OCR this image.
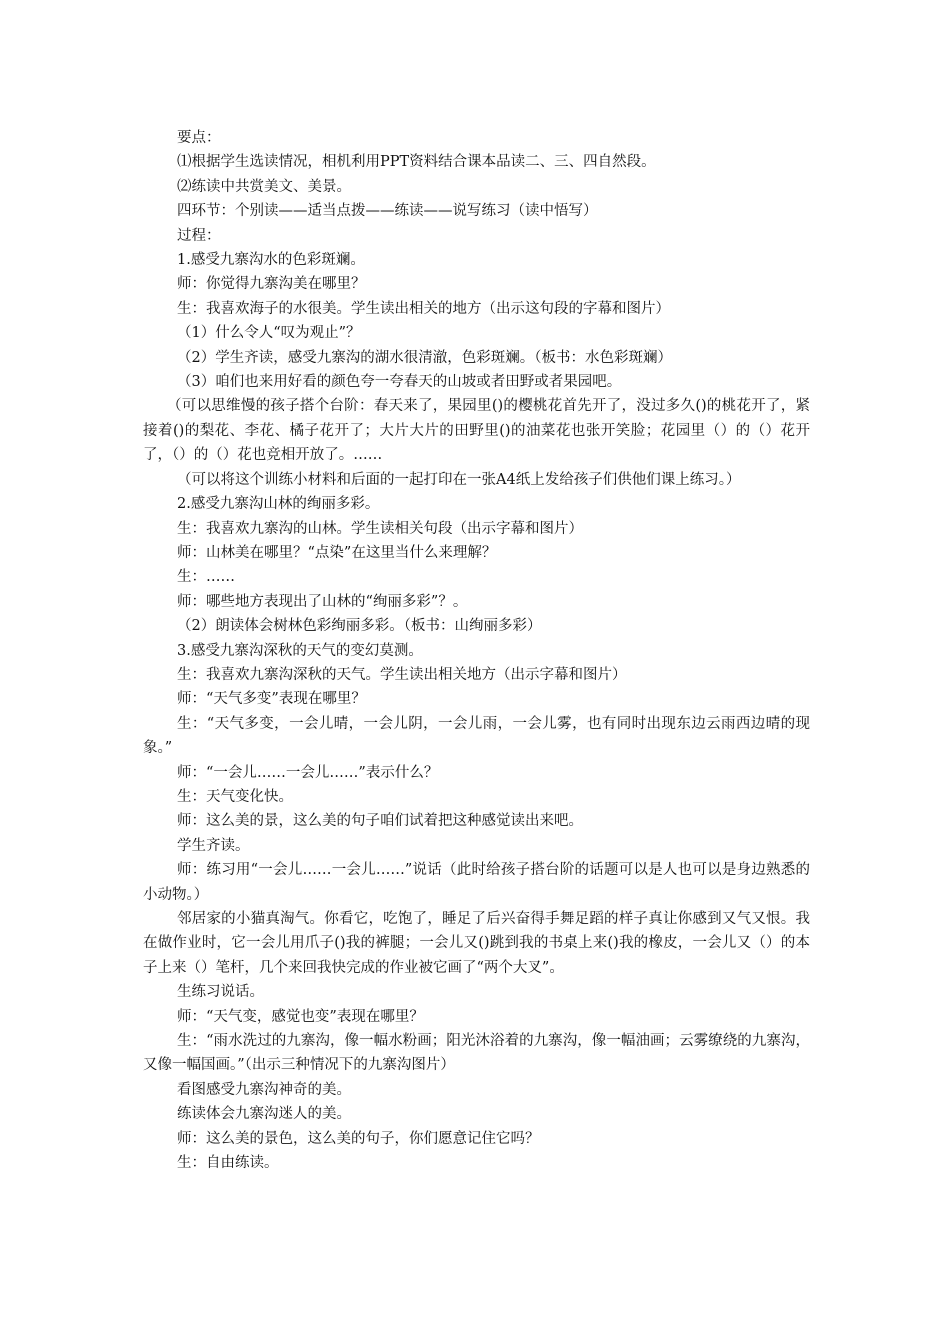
要点：

⑴根据学生选读情况，相机利用PPT资料结合课本品读二、三、四自然段。

⑵练读中共赏美文、美景。

四环节：个别读——适当点拨——练读——说写练习（读中悟写）

过程：

1.感受九寨沟水的色彩斑斓。

师：你觉得九寨沟美在哪里？

生：我喜欢海子的水很美。学生读出相关的地方（出示这句段的字幕和图片）

（1）什么令人“叹为观止”？

（2）学生齐读，感受九寨沟的湖水很清澈，色彩斑斓。（板书：水色彩斑斓）

（3）咱们也来用好看的颜色夸一夸春天的山坡或者田野或者果园吧。

（可以思维慢的孩子搭个台阶：春天来了，果园里()的樱桃花首先开了，没过多久()的桃花开了，紧接着()的梨花、李花、橘子花开了；大片大片的田野里()的油菜花也张开笑脸；花园里（）的（）花开了，（）的（）花也竞相开放了。……

（可以将这个训练小材料和后面的一起打印在一张A4纸上发给孩子们供他们课上练习。）

2.感受九寨沟山林的绚丽多彩。

生：我喜欢九寨沟的山林。学生读相关句段（出示字幕和图片）

师：山林美在哪里？“点染”在这里当什么来理解？

生：……

师：哪些地方表现出了山林的“绚丽多彩”？。

（2）朗读体会树林色彩绚丽多彩。（板书：山绚丽多彩）

3.感受九寨沟深秋的天气的变幻莫测。

生：我喜欢九寨沟深秋的天气。学生读出相关地方（出示字幕和图片）

师：“天气多变”表现在哪里？

生：“天气多变，一会儿晴，一会儿阴，一会儿雨，一会儿雾，也有同时出现东边云雨西边晴的现象。”

师：“一会儿……一会儿……”表示什么？

生：天气变化快。

师：这么美的景，这么美的句子咱们试着把这种感觉读出来吧。

学生齐读。

师：练习用“一会儿……一会儿……”说话（此时给孩子搭台阶的话题可以是人也可以是身边熟悉的小动物。）

邻居家的小猫真淘气。你看它，吃饱了，睡足了后兴奋得手舞足蹈的样子真让你感到又气又恨。我在做作业时，它一会儿用爪子()我的裤腿；一会儿又()跳到我的书桌上来()我的橡皮，一会儿又（）的本子上来（）笔杆，几个来回我快完成的作业被它画了“两个大叉”。

生练习说话。

师：“天气变，感觉也变”表现在哪里？

生：“雨水洗过的九寨沟，像一幅水粉画；阳光沐浴着的九寨沟，像一幅油画；云雾缭绕的九寨沟，又像一幅国画。”（出示三种情况下的九寨沟图片）

看图感受九寨沟神奇的美。

练读体会九寨沟迷人的美。

师：这么美的景色，这么美的句子，你们愿意记住它吗？

生：自由练读。
